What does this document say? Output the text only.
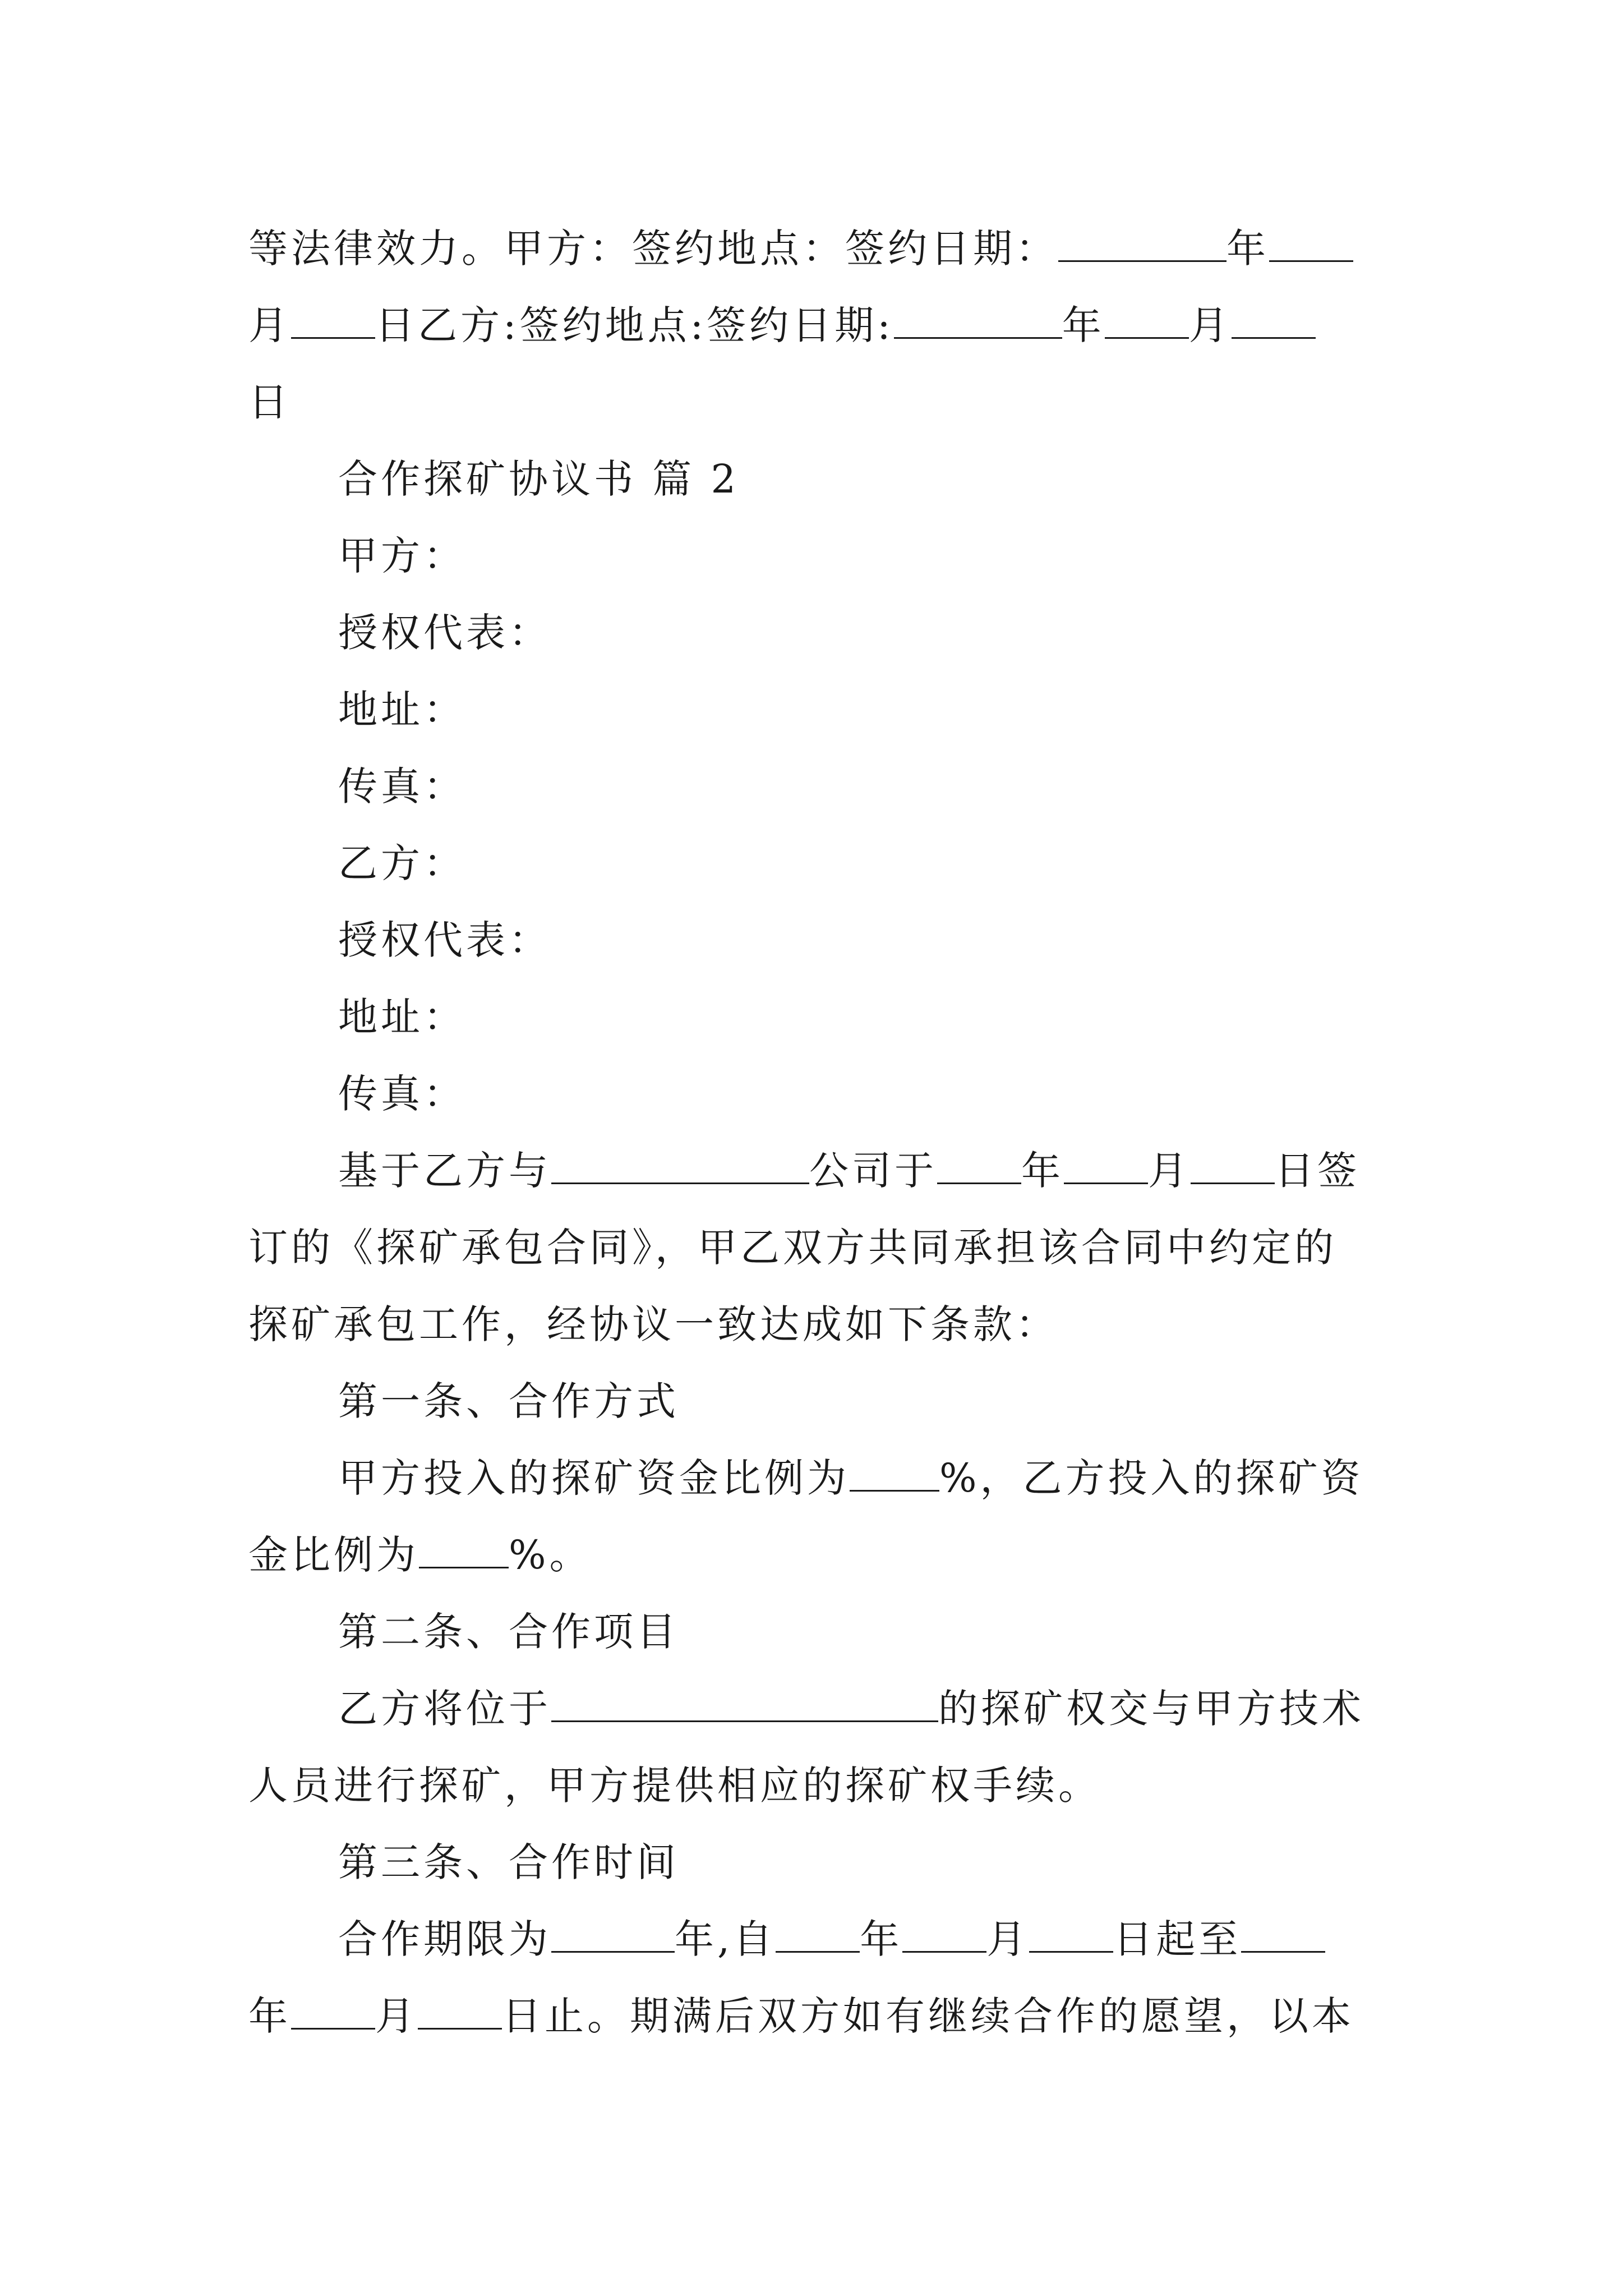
等法律效力。甲方：签约地点：签约日期：	年
月 日乙方:签约地点:签约日期:	年 月
日
合作探矿协议书 篇 2
甲方：
授权代表：
地址：
传真：
乙方：
授权代表：
地址：
传真：
基于乙方与	公司于 年 月 日签
订的《探矿承包合同》，甲乙双方共同承担该合同中约定的
探矿承包工作，经协议一致达成如下条款：
第一条、合作方式
甲方投入的探矿资金比例为 %，乙方投入的探矿资
金比例为 %。
第二条、合作项目
乙方将位于	的探矿权交与甲方技术
人员进行探矿，甲方提供相应的探矿权手续。
第三条、合作时间
合作期限为	年,自 年 月 日起至
年 月 日止。期满后双方如有继续合作的愿望，以本
